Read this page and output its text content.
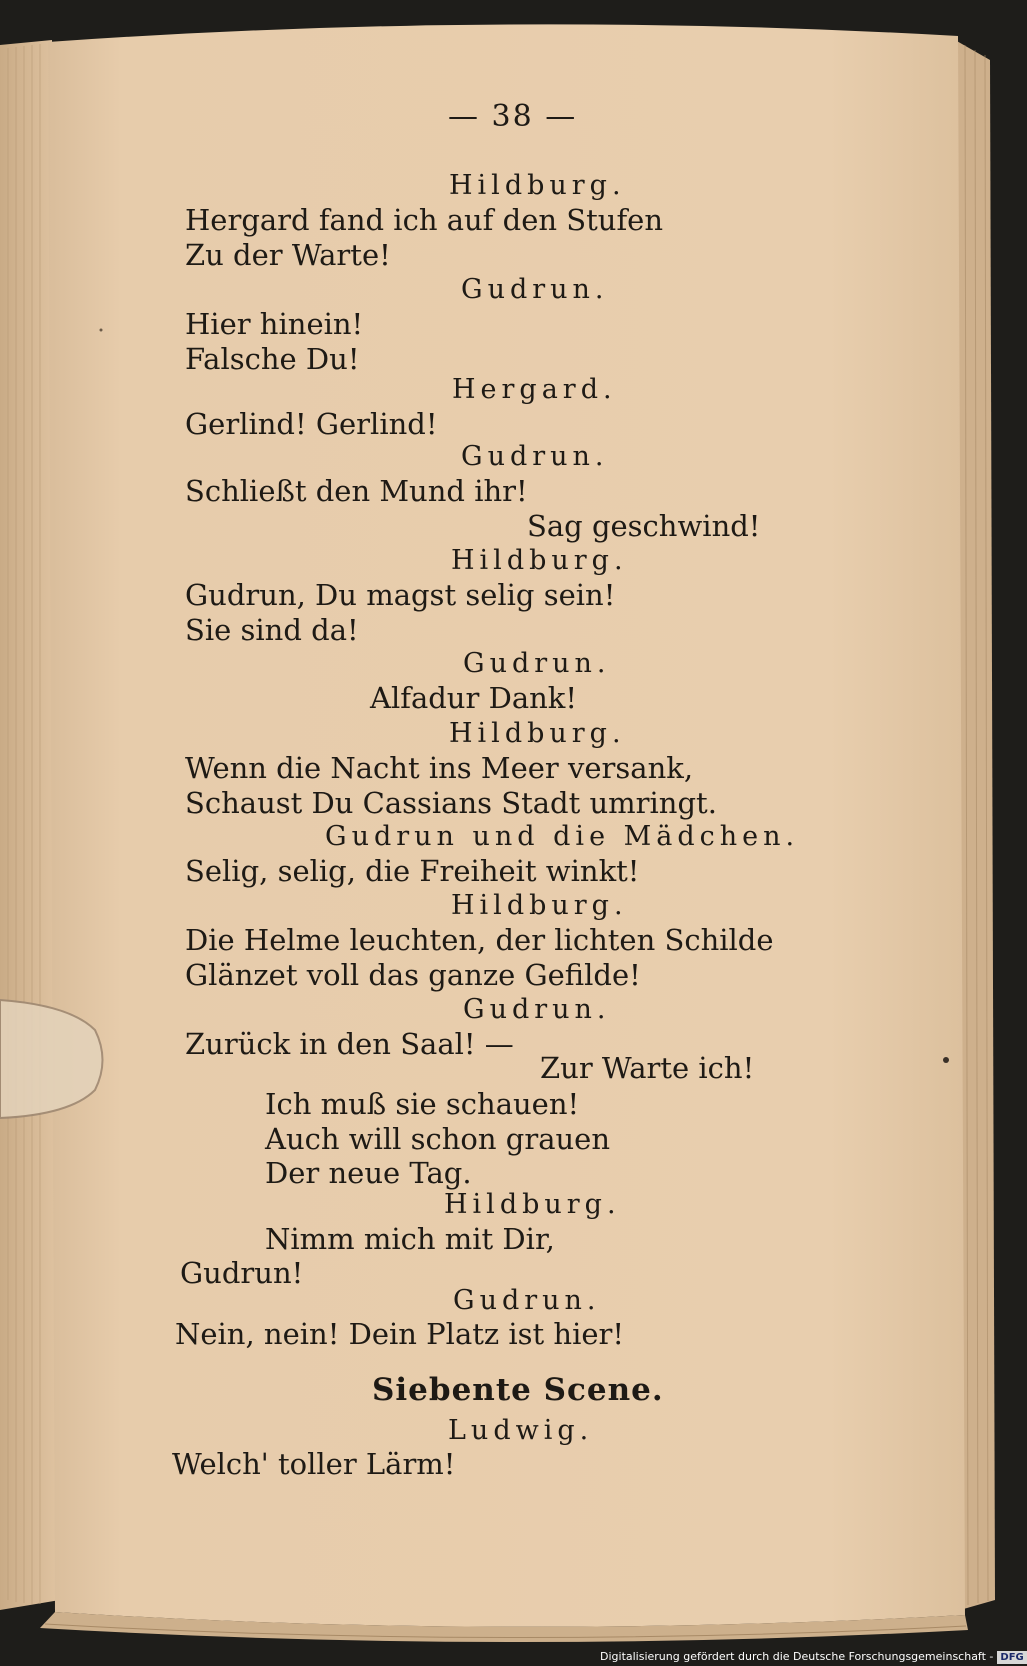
— 38 —
Hildburg.
Hergard fand ich auf den Stufen
Zu der Warte!
Gudrun.
Hier hinein!
Falsche Du!
Hergard.
Gerlind! Gerlind!
Gudrun.
Schließt den Mund ihr!
Sag geschwind!
Hildburg.
Gudrun, Du magst selig sein!
Sie sind da!
Gudrun.
Alfadur Dank!
Hildburg.
Wenn die Nacht ins Meer versank,
Schaust Du Cassians Stadt umringt.
Gudrun und die Mädchen.
Selig, selig, die Freiheit winkt!
Hildburg.
Die Helme leuchten, der lichten Schilde
Glänzet voll das ganze Gefilde!
Gudrun.
Zurück in den Saal! —
Zur Warte ich!
Ich muß sie schauen!
Auch will schon grauen
Der neue Tag.
Hildburg.
Nimm mich mit Dir,
Gudrun!
Gudrun.
Nein, nein! Dein Platz ist hier!
Siebente Scene.
Ludwig.
Welch' toller Lärm!
Digitalisierung gefördert durch die Deutsche Forschungsgemeinschaft - DFG
